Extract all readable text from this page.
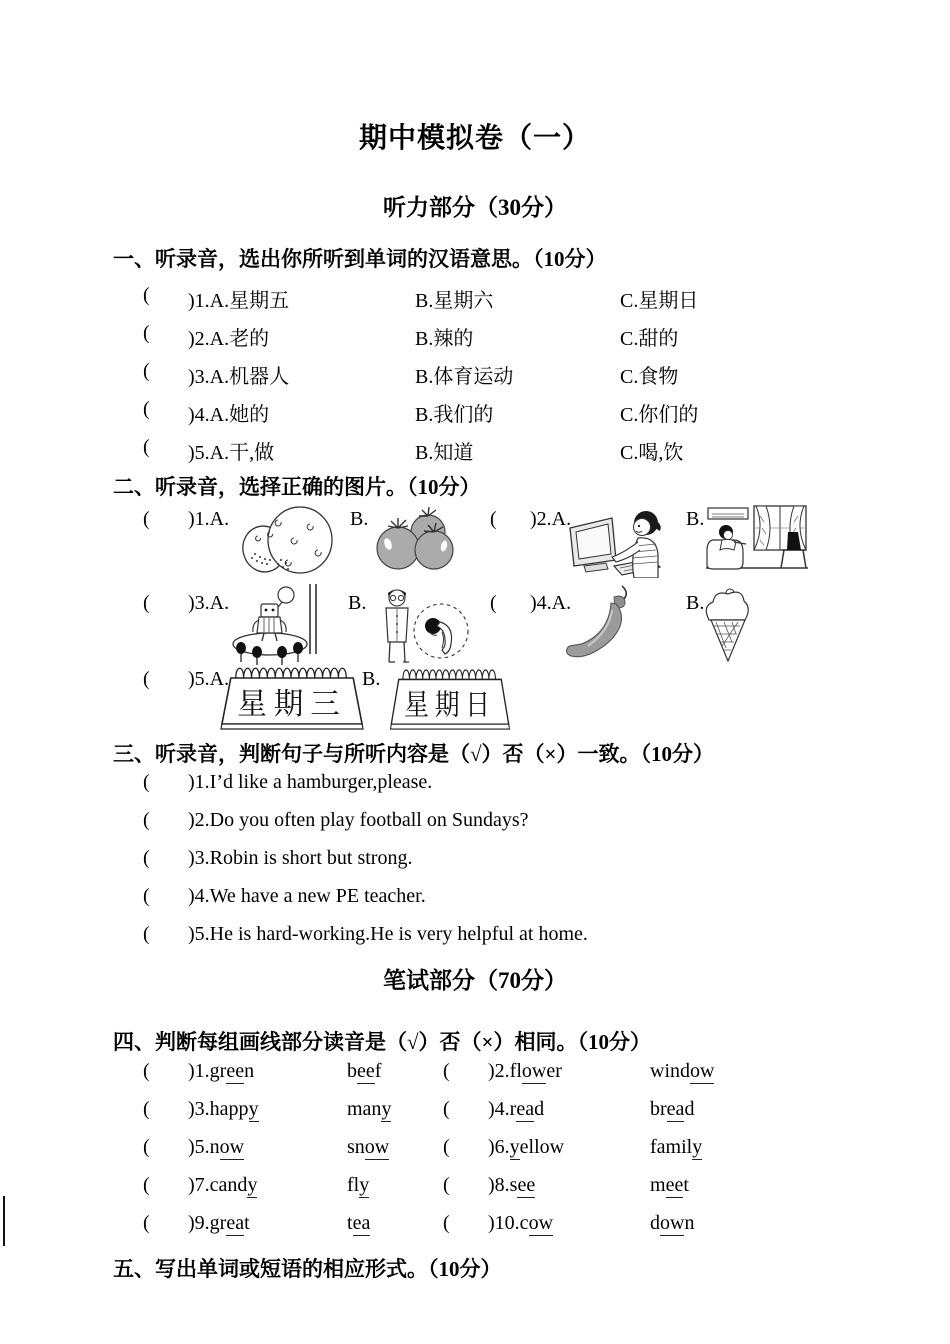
期中模拟卷（一）
听力部分（30分）
一、听录音，选出你所听到单词的汉语意思。（10分）
( )1.A.星期五	B.星期六	C.星期日
( )2.A.老的	B.辣的	C.甜的
( )3.A.机器人	B.体育运动	C.食物
( )4.A.她的	B.我们的	C.你们的
( )5.A.干,做	B.知道	C.喝,饮
二、听录音，选择正确的图片。（10分）
( )1.A.	B.	( )2.A.	B.
( )3.A.	B.	( )4.A.	B.
( )5.A.
星期三
B.
星期日
三、听录音，判断句子与所听内容是（√）否（×）一致。（10分）
( )1.I’d like a hamburger,please.
( )2.Do you often play football on Sundays?
( )3.Robin is short but strong.
( )4.We have a new PE teacher.
( )5.He is hard-working.He is very helpful at home.
笔试部分（70分）
四、判断每组画线部分读音是（√）否（×）相同。（10分）
( )1.green	beef	( )2.flower	window
( )3.happy	many	( )4.read	bread
( )5.now	snow	( )6.yellow	family
( )7.candy	fly	( )8.see	meet
( )9.great	tea	( )10.cow	down
五、写出单词或短语的相应形式。（10分）
